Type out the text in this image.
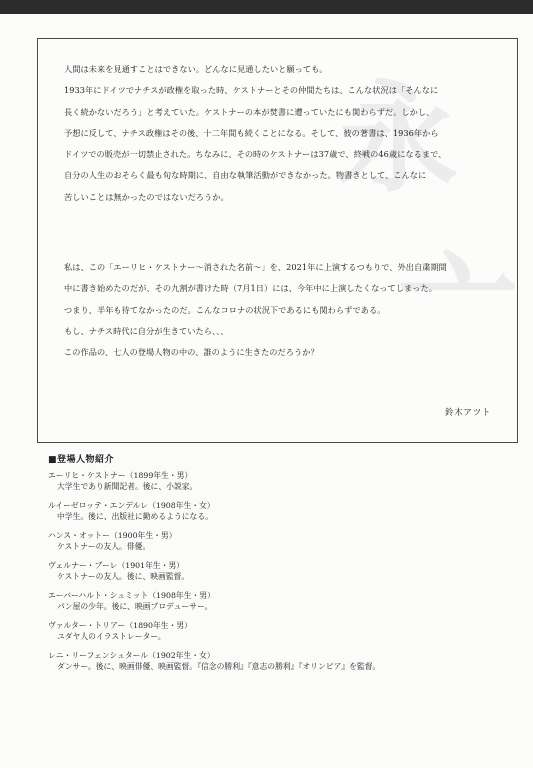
永
亠
人間は未来を見通すことはできない。どんなに見通したいと願っても。
1933年にドイツでナチスが政権を取った時、ケストナーとその仲間たちは、こんな状況は「そんなに
長く続かないだろう」と考えていた。ケストナーの本が焚書に遭っていたにも関わらずだ。しかし、
予想に反して、ナチス政権はその後、十二年間も続くことになる。そして、彼の著書は、1936年から
ドイツでの販売が一切禁止された。ちなみに、その時のケストナーは37歳で、終戦の46歳になるまで、
自分の人生のおそらく最も旬な時期に、自由な執筆活動ができなかった。物書きとして、こんなに
苦しいことは無かったのではないだろうか。
私は、この「エーリヒ・ケストナー〜消された名前〜」を、2021年に上演するつもりで、外出自粛期間
中に書き始めたのだが、その九割が書けた時（7月1日）には、今年中に上演したくなってしまった。
つまり、半年も待てなかったのだ。こんなコロナの状況下であるにも関わらずである。
もし、ナチス時代に自分が生きていたら、、、
この作品の、七人の登場人物の中の、誰のように生きたのだろうか？
鈴木アツト
■登場人物紹介
エーリヒ・ケストナー（1899年生・男）
大学生であり新聞記者。後に、小説家。
ルイーゼロッテ・エンデルレ（1908年生・女）
中学生。後に、出版社に勤めるようになる。
ハンス・オットー（1900年生・男）
ケストナーの友人。俳優。
ヴェルナー・ブーレ（1901年生・男）
ケストナーの友人。後に、映画監督。
エーバーハルト・シュミット（1908年生・男）
パン屋の少年。後に、映画プロデューサー。
ヴァルター・トリアー（1890年生・男）
ユダヤ人のイラストレーター。
レニ・リーフェンシュタール（1902年生・女）
ダンサー。後に、映画俳優、映画監督。『信念の勝利』『意志の勝利』『オリンピア』を監督。
